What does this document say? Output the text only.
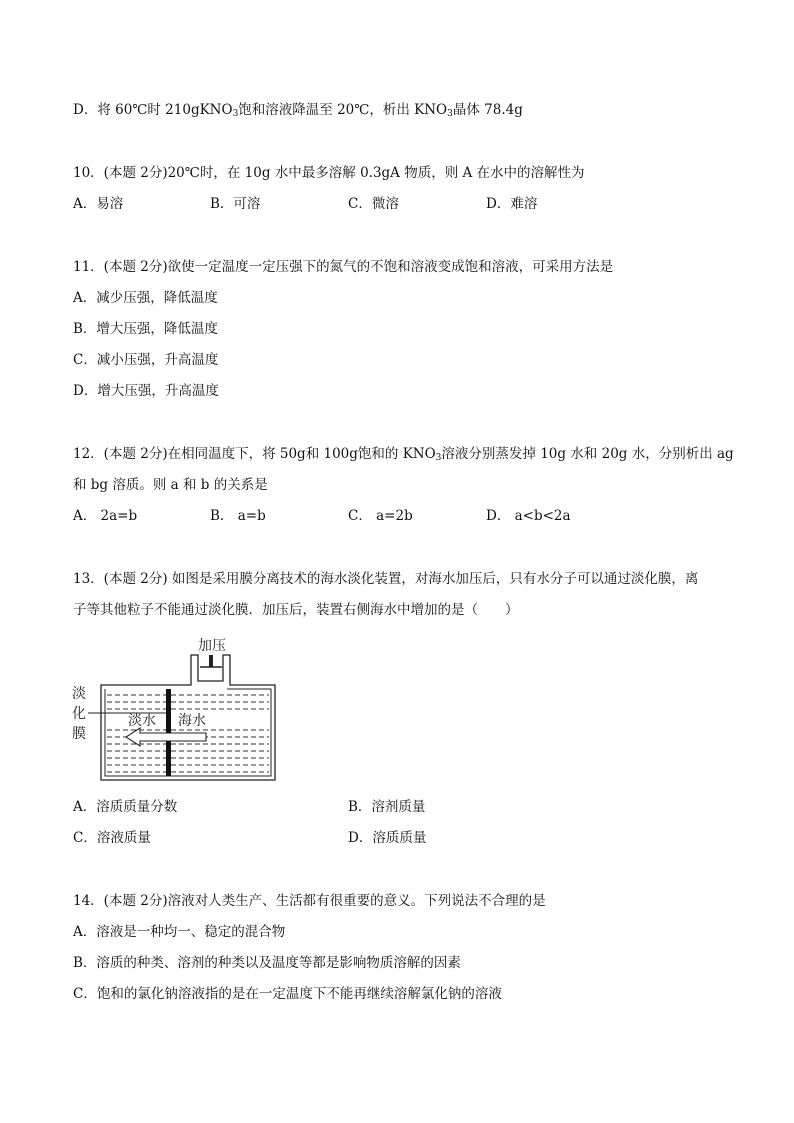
D．将 60℃时 210gKNO$_3$饱和溶液降温至 20℃，析出 $KNO_3$晶体 78.4g
10．(本题 2分)20℃时，在 10g 水中最多溶解 0.3gA 物质，则 A 在水中的溶解性为
A．易溶	B．可溶	C．微溶	D．难溶
11．(本题 2分)欲使一定温度一定压强下的氮气的不饱和溶液变成饱和溶液，可采用方法是
A．减少压强，降低温度
B．增大压强，降低温度
C．减小压强，升高温度
D．增大压强，升高温度
12．(本题 2分)在相同温度下，将 50g和 100g饱和的 $KNO_3$溶液分别蒸发掉 10g 水和 20g 水，分别析出 ag
和 bg 溶质。则 a 和 b 的关系是
A． 2a=b	B． a=b	C． a=2b	D． a<b<2a
13．(本题 2分) 如图是采用膜分离技术的海水淡化装置，对海水加压后，只有水分子可以通过淡化膜，离
子等其他粒子不能通过淡化膜．加压后，装置右侧海水中增加的是（　　）
加压
淡
化
膜
淡水 海水
A．溶质质量分数	B．溶剂质量
C．溶液质量	D．溶质质量
14．(本题 2分)溶液对人类生产、生活都有很重要的意义。下列说法不合理的是
A．溶液是一种均一、稳定的混合物
B．溶质的种类、溶剂的种类以及温度等都是影响物质溶解的因素
C．饱和的氯化钠溶液指的是在一定温度下不能再继续溶解氯化钠的溶液
